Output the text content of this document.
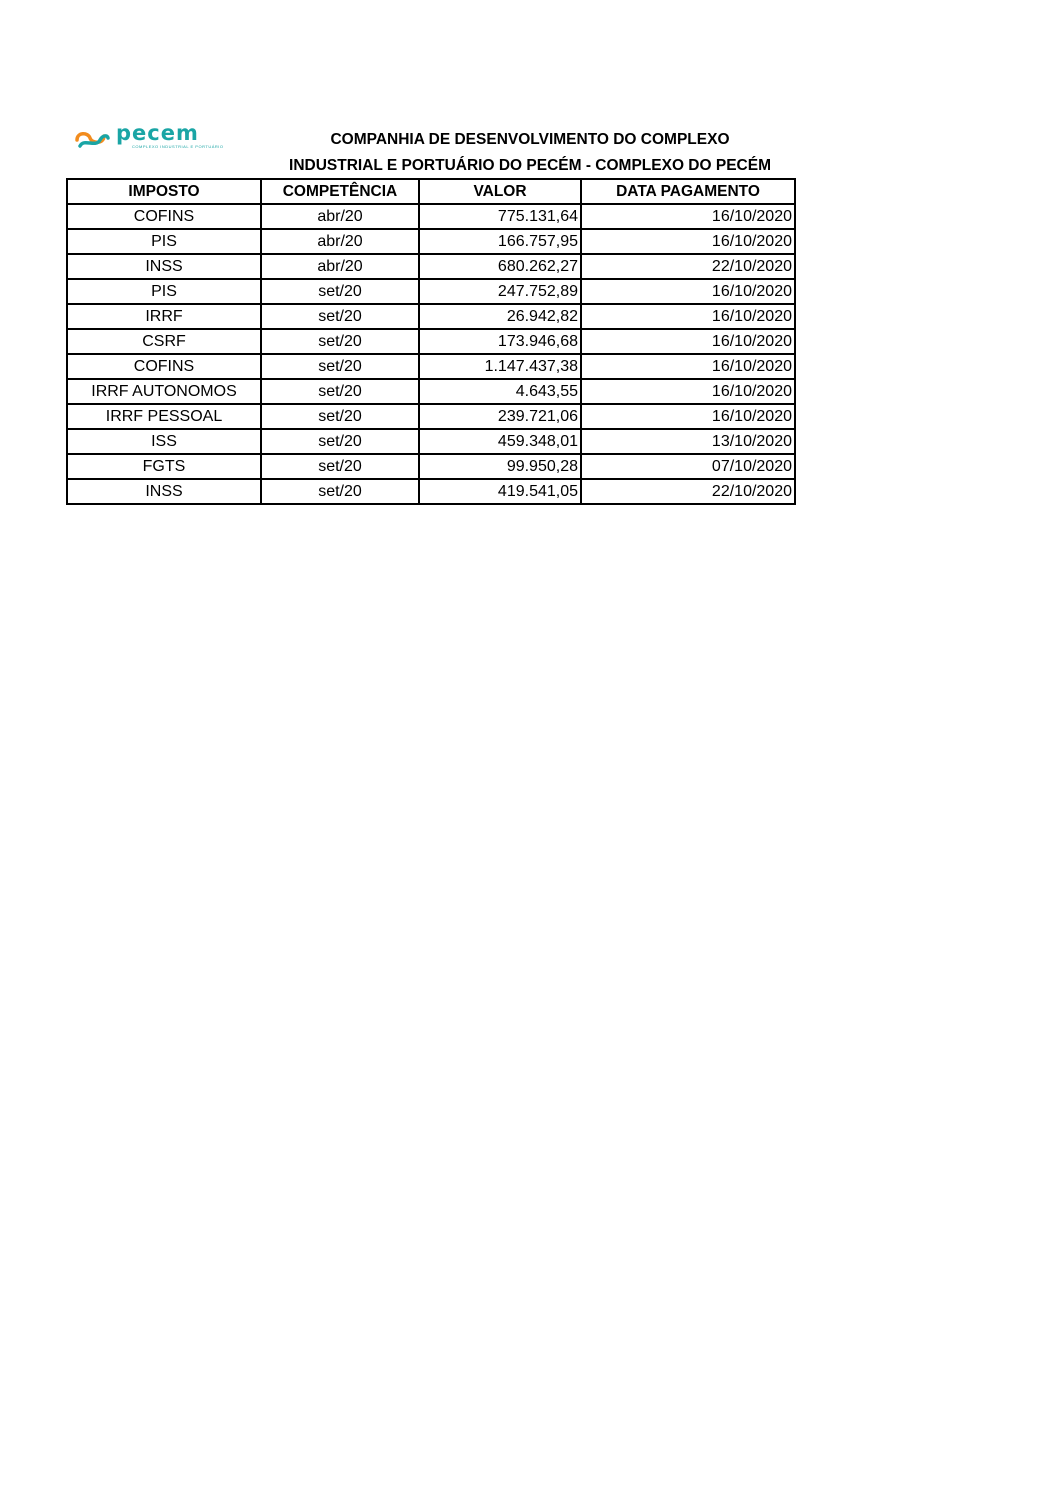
pecem
COMPLEXO INDUSTRIAL E PORTUÁRIO	COMPANHIA DE DESENVOLVIMENTO DO COMPLEXO
INDUSTRIAL E PORTUÁRIO DO PECÉM - COMPLEXO DO PECÉM
IMPOSTO	COMPETÊNCIA	VALOR	DATA PAGAMENTO
COFINS	abr/20	775.131,64	16/10/2020
PIS	abr/20	166.757,95	16/10/2020
INSS	abr/20	680.262,27	22/10/2020
PIS	set/20	247.752,89	16/10/2020
IRRF	set/20	26.942,82	16/10/2020
CSRF	set/20	173.946,68	16/10/2020
COFINS	set/20	1.147.437,38	16/10/2020
IRRF AUTONOMOS	set/20	4.643,55	16/10/2020
IRRF PESSOAL	set/20	239.721,06	16/10/2020
ISS	set/20	459.348,01	13/10/2020
FGTS	set/20	99.950,28	07/10/2020
INSS	set/20	419.541,05	22/10/2020
